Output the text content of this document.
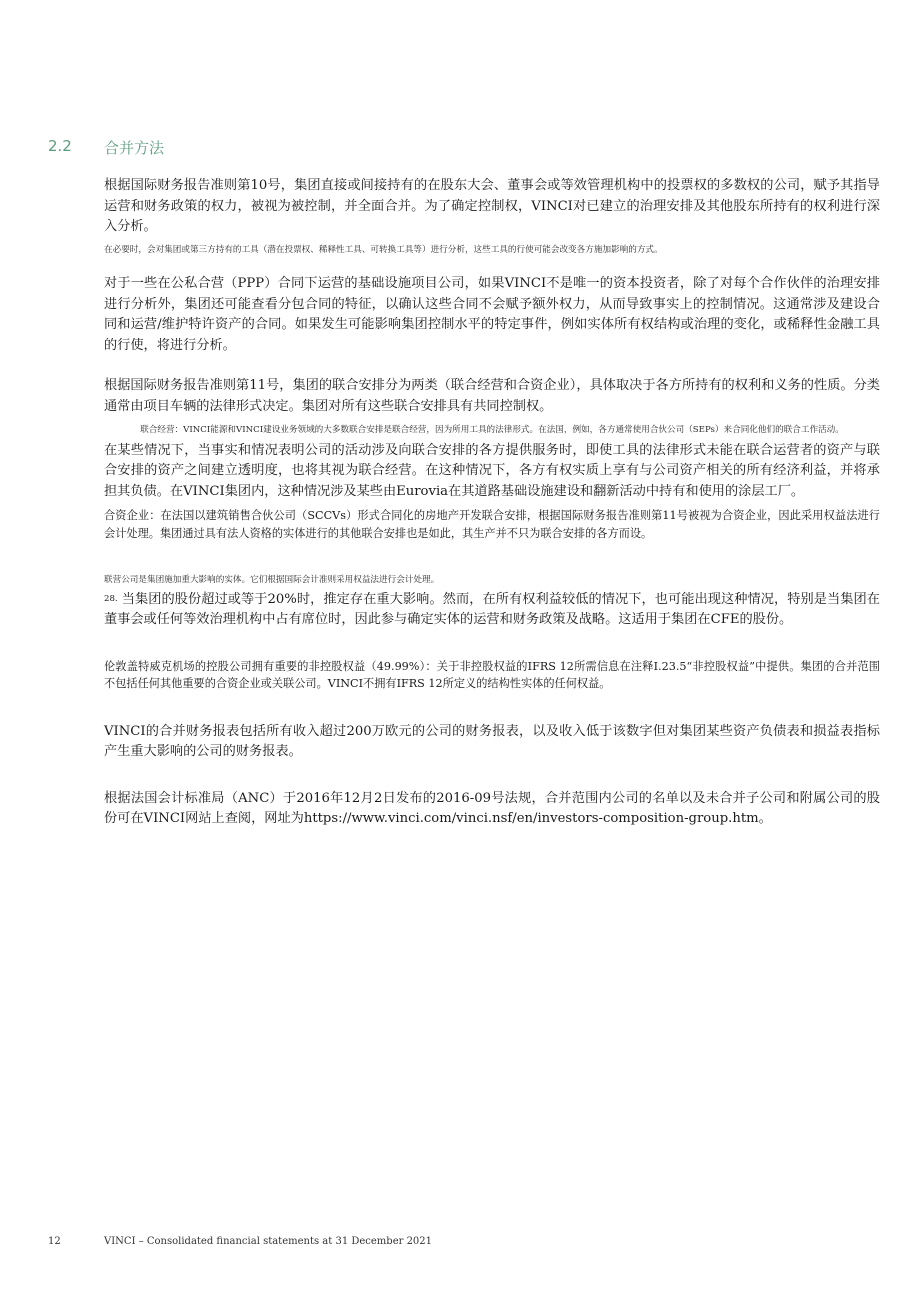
2.2	合并方法

根据国际财务报告准则第10号，集团直接或间接持有的在股东大会、董事会或等效管理机构中的投票权的多数权的公司，赋予其指导运营和财务政策的权力，被视为被控制，并全面合并。为了确定控制权，VINCI对已建立的治理安排及其他股东所持有的权利进行深入分析。

在必要时，会对集团或第三方持有的工具（潜在投票权、稀释性工具、可转换工具等）进行分析，这些工具的行使可能会改变各方施加影响的方式。

对于一些在公私合营（PPP）合同下运营的基础设施项目公司，如果VINCI不是唯一的资本投资者，除了对每个合作伙伴的治理安排进行分析外，集团还可能查看分包合同的特征，以确认这些合同不会赋予额外权力，从而导致事实上的控制情况。这通常涉及建设合同和运营/维护特许资产的合同。如果发生可能影响集团控制水平的特定事件，例如实体所有权结构或治理的变化，或稀释性金融工具的行使，将进行分析。

根据国际财务报告准则第11号，集团的联合安排分为两类（联合经营和合资企业），具体取决于各方所持有的权利和义务的性质。分类通常由项目车辆的法律形式决定。集团对所有这些联合安排具有共同控制权。

联合经营：VINCI能源和VINCI建设业务领域的大多数联合安排是联合经营，因为所用工具的法律形式。在法国，例如，各方通常使用合伙公司（SEPs）来合同化他们的联合工作活动。

在某些情况下，当事实和情况表明公司的活动涉及向联合安排的各方提供服务时，即使工具的法律形式未能在联合运营者的资产与联合安排的资产之间建立透明度，也将其视为联合经营。在这种情况下，各方有权实质上享有与公司资产相关的所有经济利益，并将承担其负债。在VINCI集团内，这种情况涉及某些由Eurovia在其道路基础设施建设和翻新活动中持有和使用的涂层工厂。

合资企业：在法国以建筑销售合伙公司（SCCVs）形式合同化的房地产开发联合安排，根据国际财务报告准则第11号被视为合资企业，因此采用权益法进行会计处理。集团通过具有法人资格的实体进行的其他联合安排也是如此，其生产并不只为联合安排的各方而设。

联营公司是集团施加重大影响的实体。它们根据国际会计准则采用权益法进行会计处理。

28. 当集团的股份超过或等于20%时，推定存在重大影响。然而，在所有权利益较低的情况下，也可能出现这种情况，特别是当集团在董事会或任何等效治理机构中占有席位时，因此参与确定实体的运营和财务政策及战略。这适用于集团在CFE的股份。

伦敦盖特威克机场的控股公司拥有重要的非控股权益（49.99%）：关于非控股权益的IFRS 12所需信息在注释I.23.5“非控股权益”中提供。集团的合并范围不包括任何其他重要的合资企业或关联公司。VINCI不拥有IFRS 12所定义的结构性实体的任何权益。

VINCI的合并财务报表包括所有收入超过200万欧元的公司的财务报表，以及收入低于该数字但对集团某些资产负债表和损益表指标产生重大影响的公司的财务报表。

根据法国会计标准局（ANC）于2016年12月2日发布的2016-09号法规，合并范围内公司的名单以及未合并子公司和附属公司的股份可在VINCI网站上查阅，网址为https://www.vinci.com/vinci.nsf/en/investors-composition-group.htm。

12	VINCI – Consolidated financial statements at 31 December 2021
